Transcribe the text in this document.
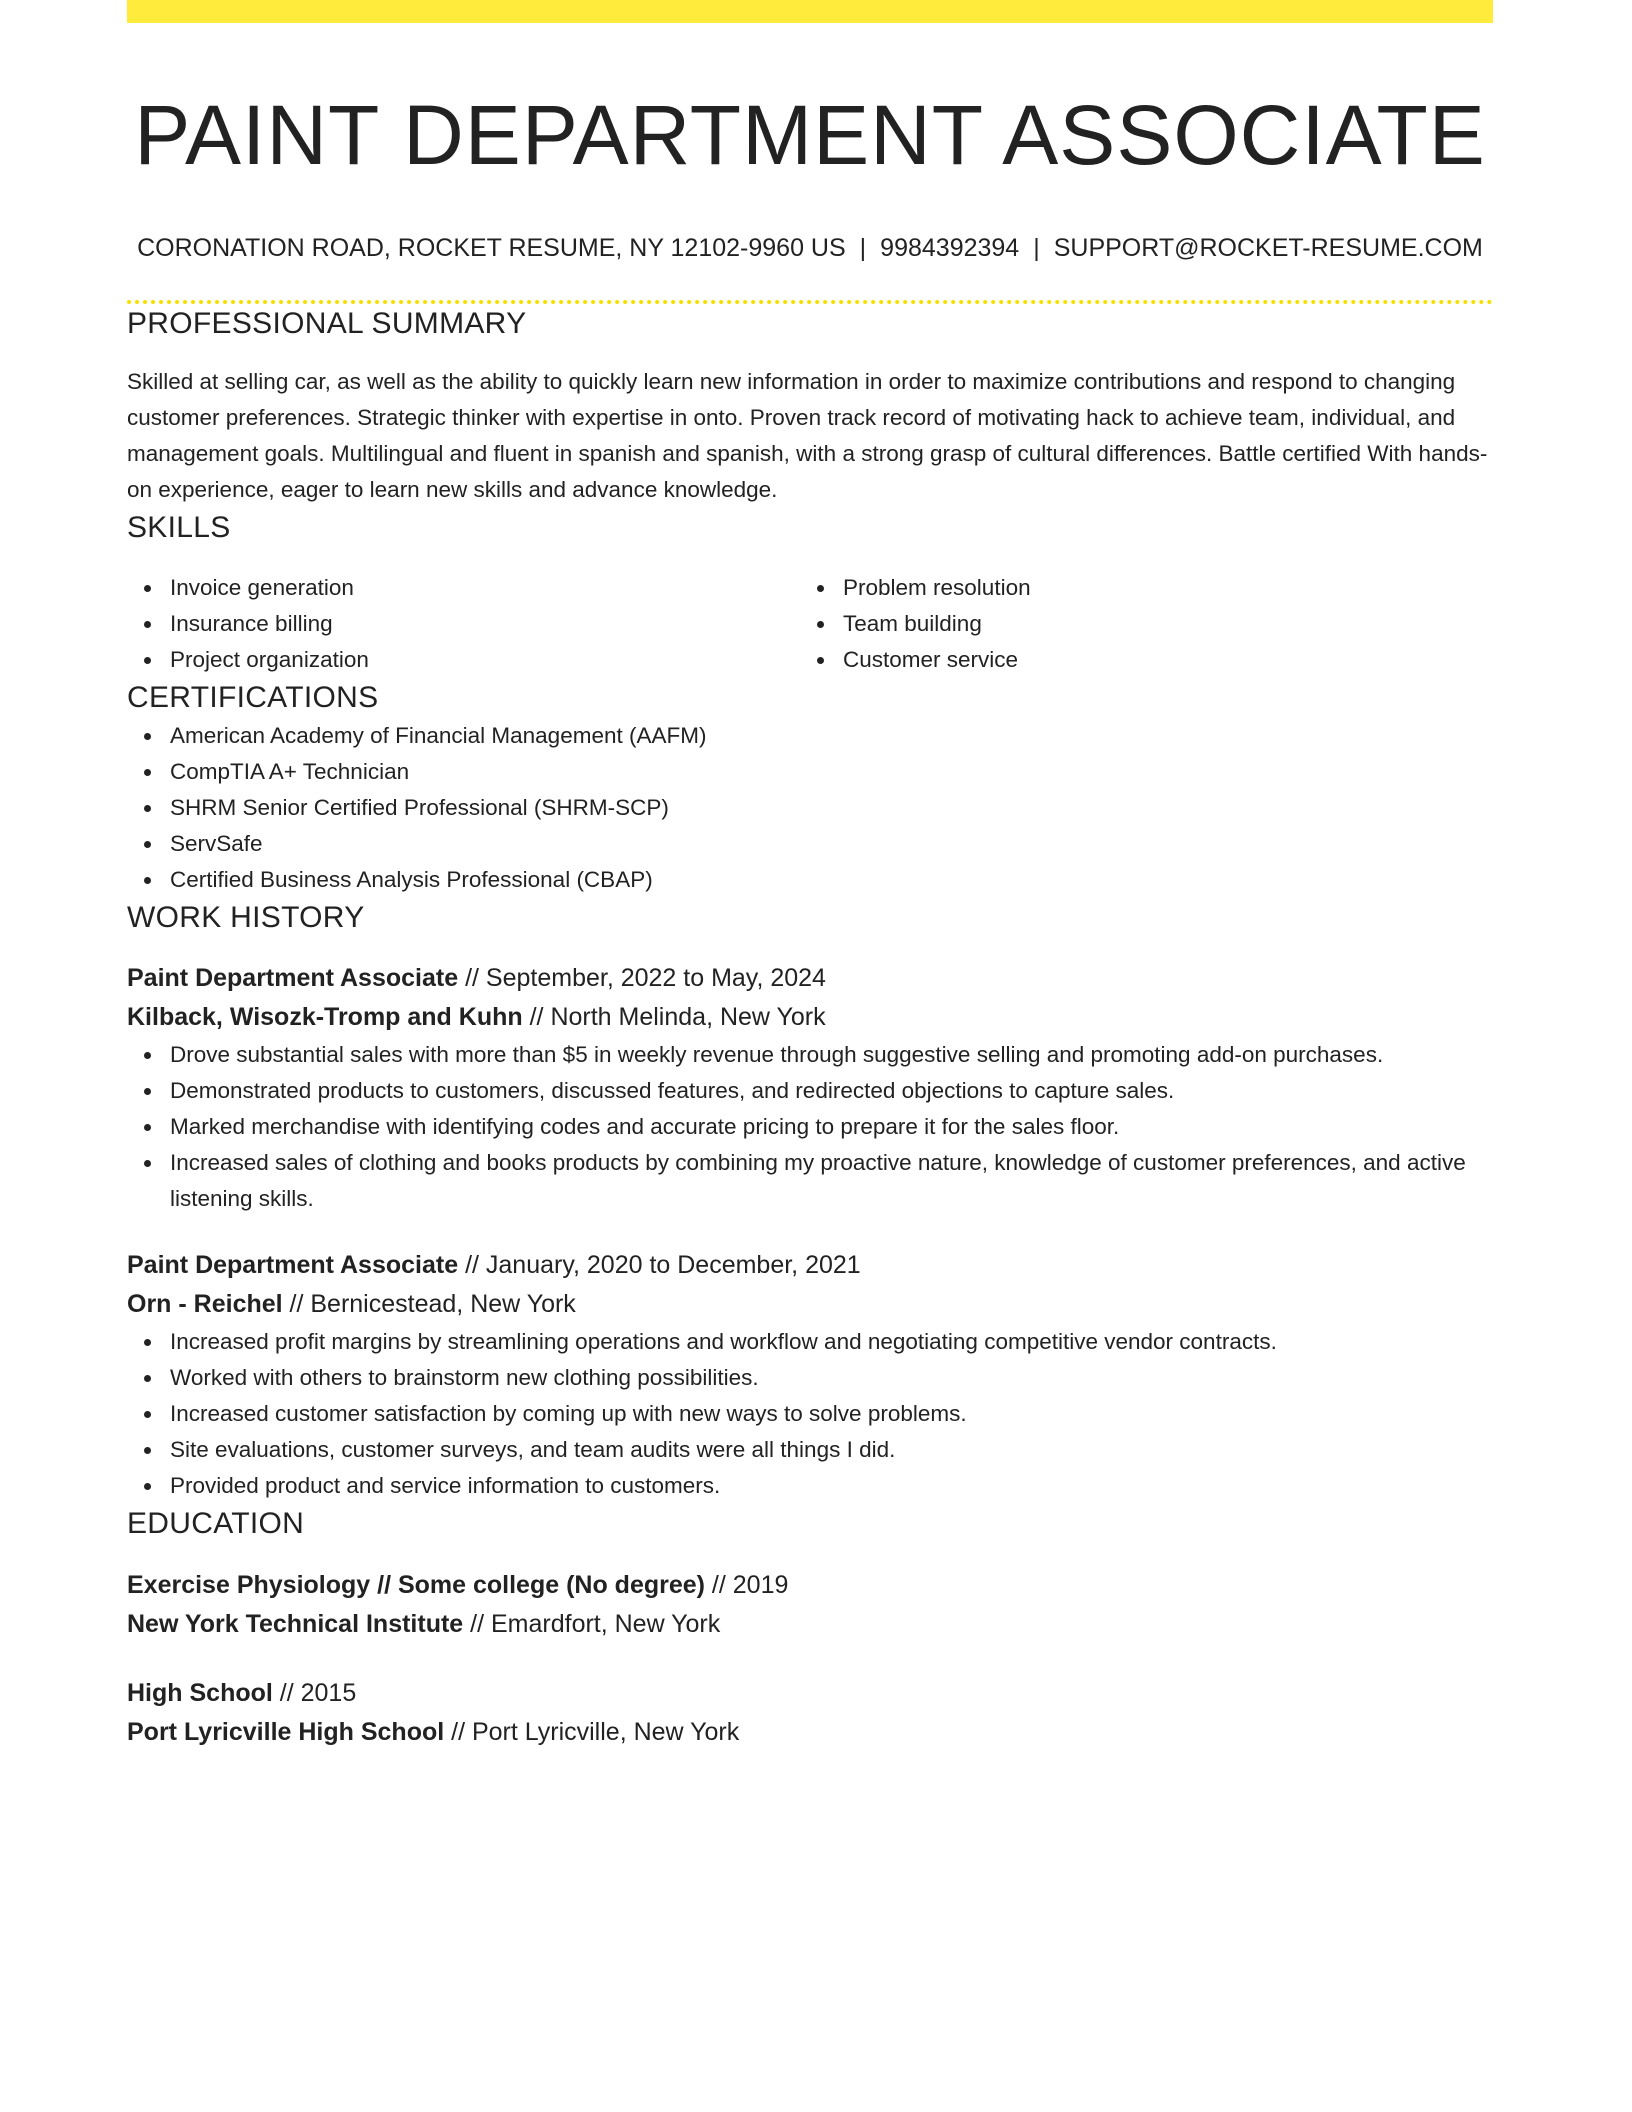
PAINT DEPARTMENT ASSOCIATE
CORONATION ROAD, ROCKET RESUME, NY 12102-9960 US | 9984392394 | SUPPORT@ROCKET-RESUME.COM
PROFESSIONAL SUMMARY

Skilled at selling car, as well as the ability to quickly learn new information in order to maximize contributions and respond to changing customer preferences. Strategic thinker with expertise in onto. Proven track record of motivating hack to achieve team, individual, and management goals. Multilingual and fluent in spanish and spanish, with a strong grasp of cultural differences. Battle certified With hands-on experience, eager to learn new skills and advance knowledge.

SKILLS
Invoice generation
Insurance billing
Project organization
Problem resolution
Team building
Customer service
CERTIFICATIONS
American Academy of Financial Management (AAFM)
CompTIA A+ Technician
SHRM Senior Certified Professional (SHRM-SCP)
ServSafe
Certified Business Analysis Professional (CBAP)
WORK HISTORY
Paint Department Associate // September, 2022 to May, 2024
Kilback, Wisozk-Tromp and Kuhn // North Melinda, New York
Drove substantial sales with more than $5 in weekly revenue through suggestive selling and promoting add-on purchases.
Demonstrated products to customers, discussed features, and redirected objections to capture sales.
Marked merchandise with identifying codes and accurate pricing to prepare it for the sales floor.
Increased sales of clothing and books products by combining my proactive nature, knowledge of customer preferences, and active listening skills.
Paint Department Associate // January, 2020 to December, 2021
Orn - Reichel // Bernicestead, New York
Increased profit margins by streamlining operations and workflow and negotiating competitive vendor contracts.
Worked with others to brainstorm new clothing possibilities.
Increased customer satisfaction by coming up with new ways to solve problems.
Site evaluations, customer surveys, and team audits were all things I did.
Provided product and service information to customers.
EDUCATION
Exercise Physiology // Some college (No degree) // 2019
New York Technical Institute // Emardfort, New York
High School // 2015
Port Lyricville High School // Port Lyricville, New York
